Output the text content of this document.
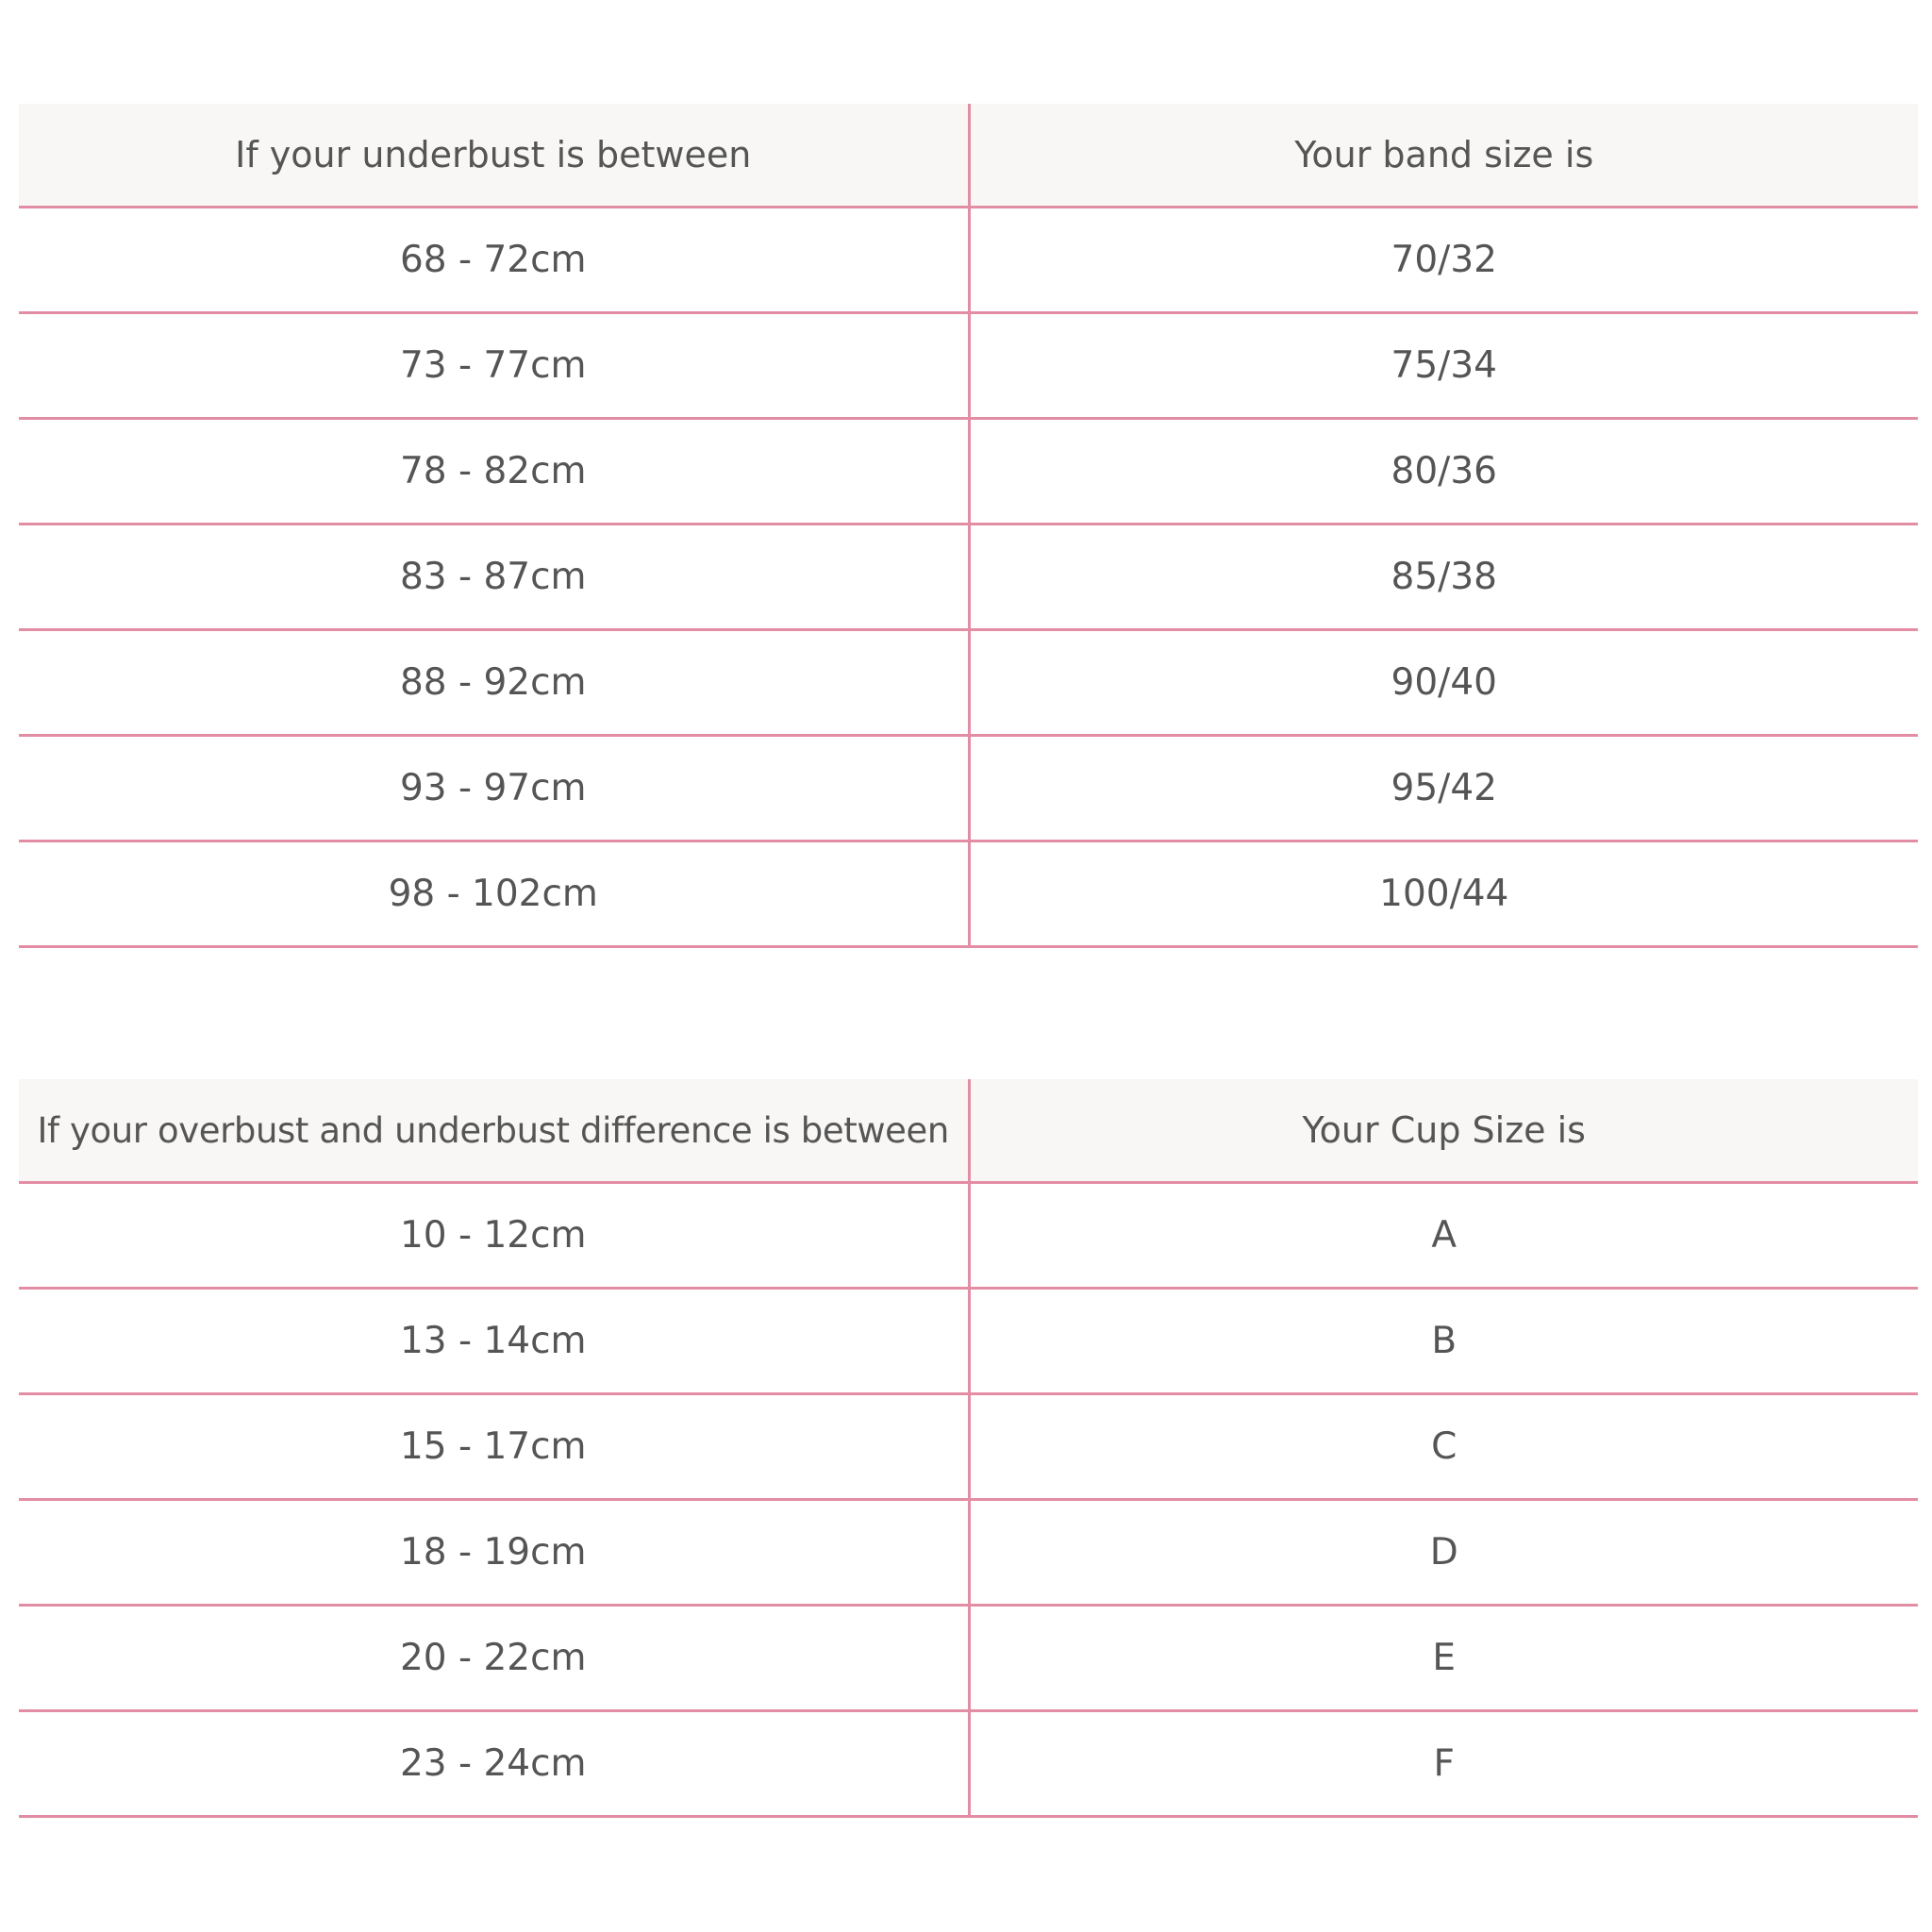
If your underbust is between	Your band size is
68 - 72cm	70/32
73 - 77cm	75/34
78 - 82cm	80/36
83 - 87cm	85/38
88 - 92cm	90/40
93 - 97cm	95/42
98 - 102cm	100/44
If your overbust and underbust difference is between	Your Cup Size is
10 - 12cm	A
13 - 14cm	B
15 - 17cm	C
18 - 19cm	D
20 - 22cm	E
23 - 24cm	F
